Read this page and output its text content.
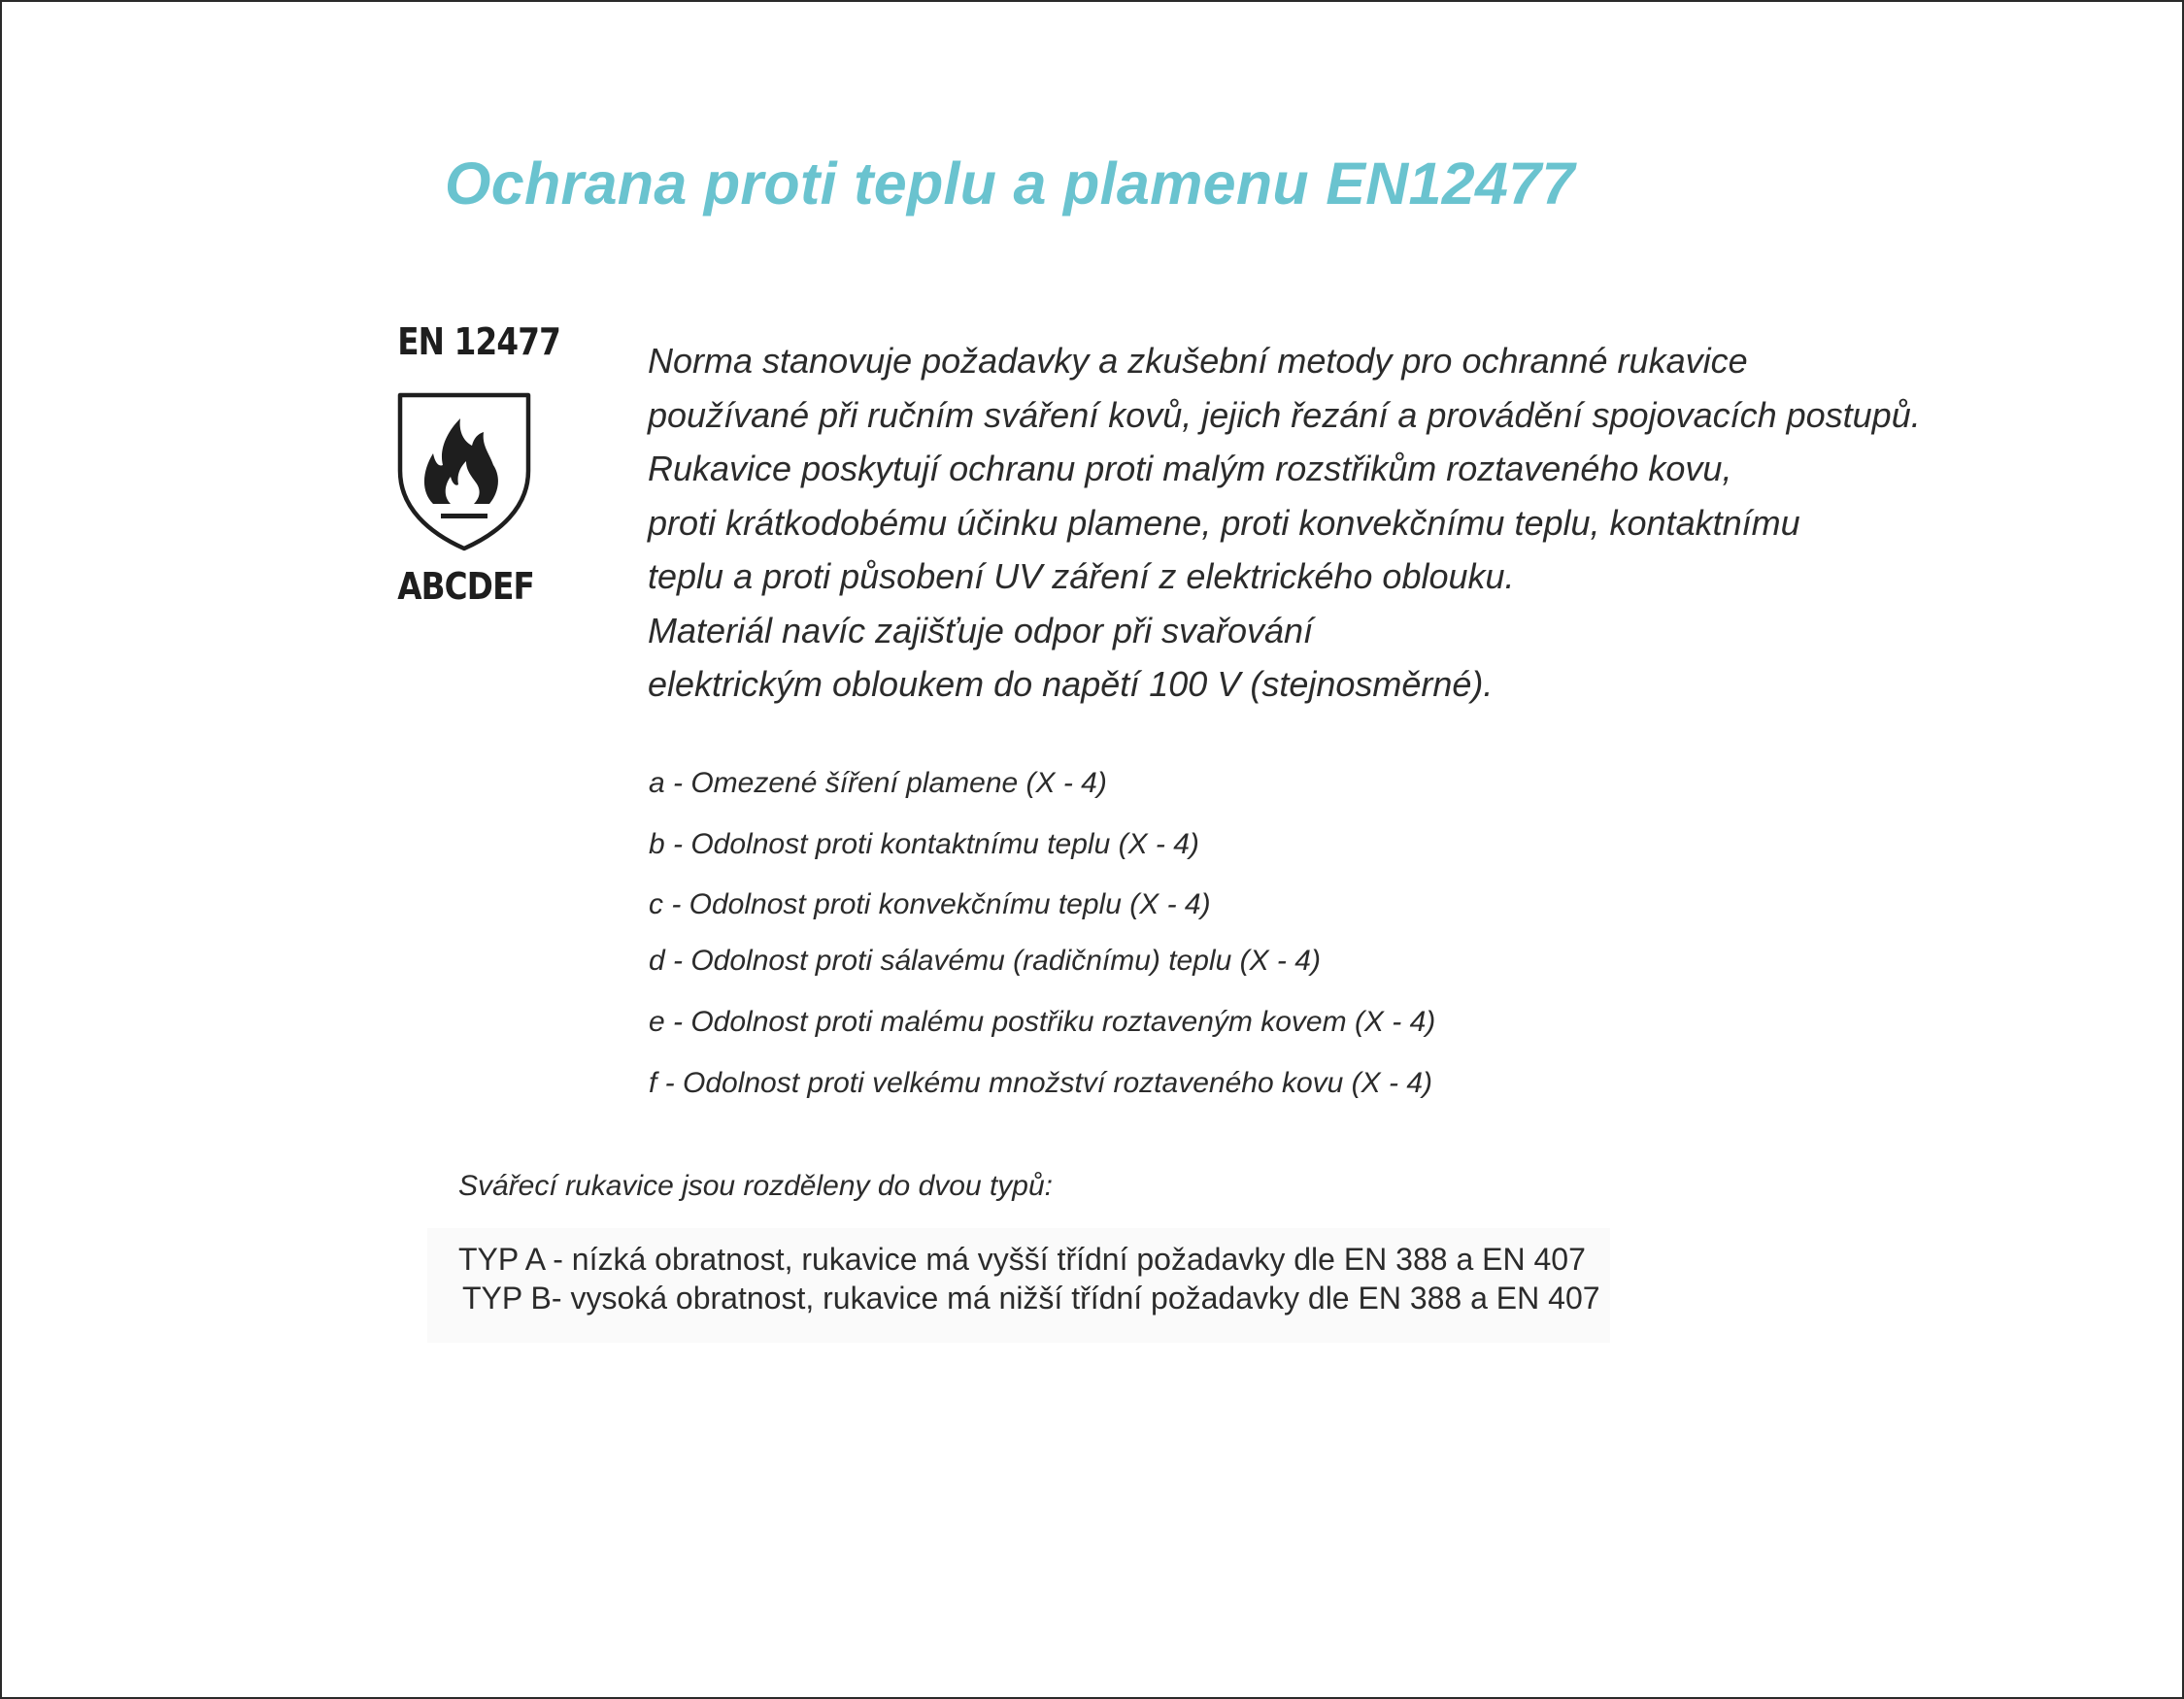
Ochrana proti teplu a plamenu EN12477
EN 12477
ABCDEF

Norma stanovuje požadavky a zkušební metody pro ochranné rukavice
používané při ručním sváření kovů, jejich řezání a provádění spojovacích postupů.
Rukavice poskytují ochranu proti malým rozstřikům roztaveného kovu,
proti krátkodobému účinku plamene, proti konvekčnímu teplu, kontaktnímu
teplu a proti působení UV záření z elektrického oblouku.
Materiál navíc zajišťuje odpor při svařování
elektrickým obloukem do napětí 100 V (stejnosměrné).

a - Omezené šíření plamene (X - 4)
b - Odolnost proti kontaktnímu teplu (X - 4)
c - Odolnost proti konvekčnímu teplu (X - 4)
d - Odolnost proti sálavému (radičnímu) teplu (X - 4)
e - Odolnost proti malému postřiku roztaveným kovem (X - 4)
f - Odolnost proti velkému množství roztaveného kovu (X - 4)

Svářecí rukavice jsou rozděleny do dvou typů:

TYP A - nízká obratnost, rukavice má vyšší třídní požadavky dle EN 388 a EN 407
TYP B- vysoká obratnost, rukavice má nižší třídní požadavky dle EN 388 a EN 407
